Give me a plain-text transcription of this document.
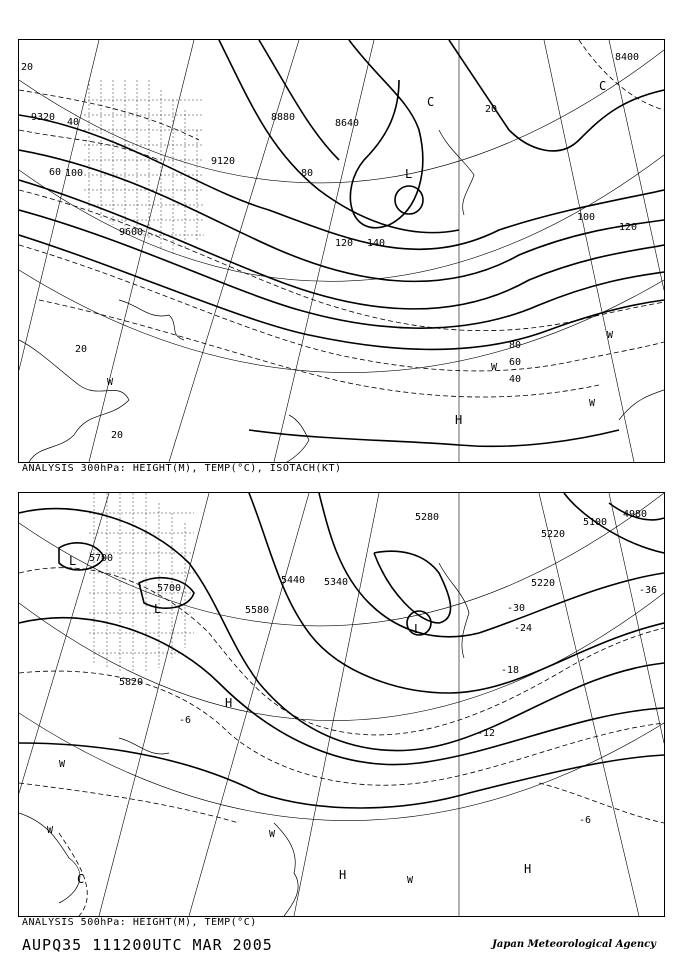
9320
9120
8880
8640
8400
9600
20
40
60	80
100
120 140
40
60
80
100
120
20
20
20
L
C
C
H
W
W
W
W
ANALYSIS 300hPa: HEIGHT(M), TEMP(°C), ISOTACH(KT)
5700
5700
5580
5440 5340
5220
5100
4980
5820
5220
5280
-30
-24
-18
-12
-6
-6
-36
L
L
W
L
H	H
W
C
W
H
W
ANALYSIS 500hPa: HEIGHT(M), TEMP(°C)
AUPQ35 111200UTC MAR 2005	Japan Meteorological Agency
